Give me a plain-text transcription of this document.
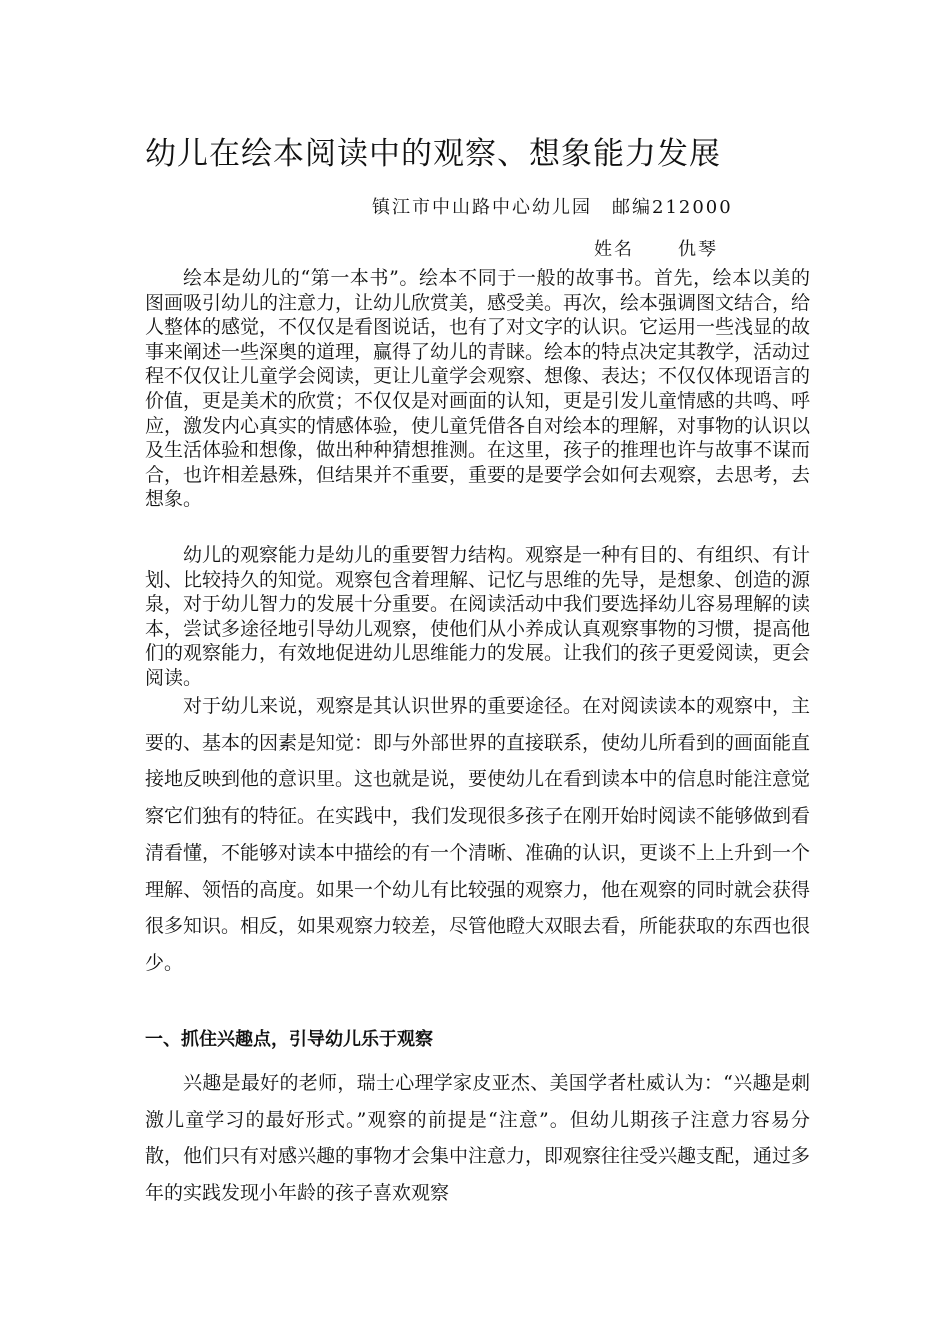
幼儿在绘本阅读中的观察、想象能力发展
镇江市中山路中心幼儿园　邮编212000
姓名 仇琴

绘本是幼儿的“第一本书”。绘本不同于一般的故事书。首先，绘本以美的图画吸引幼儿的注意力，让幼儿欣赏美，感受美。再次，绘本强调图文结合，给人整体的感觉，不仅仅是看图说话，也有了对文字的认识。它运用一些浅显的故事来阐述一些深奥的道理，赢得了幼儿的青睐。绘本的特点决定其教学，活动过程不仅仅让儿童学会阅读，更让儿童学会观察、想像、表达；不仅仅体现语言的价值，更是美术的欣赏；不仅仅是对画面的认知，更是引发儿童情感的共鸣、呼应，激发内心真实的情感体验，使儿童凭借各自对绘本的理解，对事物的认识以及生活体验和想像，做出种种猜想推测。在这里，孩子的推理也许与故事不谋而合，也许相差悬殊，但结果并不重要，重要的是要学会如何去观察，去思考，去想象。

幼儿的观察能力是幼儿的重要智力结构。观察是一种有目的、有组织、有计划、比较持久的知觉。观察包含着理解、记忆与思维的先导，是想象、创造的源泉，对于幼儿智力的发展十分重要。在阅读活动中我们要选择幼儿容易理解的读本，尝试多途径地引导幼儿观察，使他们从小养成认真观察事物的习惯，提高他们的观察能力，有效地促进幼儿思维能力的发展。让我们的孩子更爱阅读，更会阅读。

对于幼儿来说，观察是其认识世界的重要途径。在对阅读读本的观察中，主要的、基本的因素是知觉：即与外部世界的直接联系，使幼儿所看到的画面能直接地反映到他的意识里。这也就是说，要使幼儿在看到读本中的信息时能注意觉察它们独有的特征。在实践中，我们发现很多孩子在刚开始时阅读不能够做到看清看懂，不能够对读本中描绘的有一个清晰、准确的认识，更谈不上上升到一个理解、领悟的高度。如果一个幼儿有比较强的观察力，他在观察的同时就会获得很多知识。相反，如果观察力较差，尽管他瞪大双眼去看，所能获取的东西也很少。

一、抓住兴趣点，引导幼儿乐于观察

兴趣是最好的老师，瑞士心理学家皮亚杰、美国学者杜威认为：“兴趣是刺激儿童学习的最好形式。”观察的前提是“注意”。但幼儿期孩子注意力容易分散，他们只有对感兴趣的事物才会集中注意力，即观察往往受兴趣支配，通过多年的实践发现小年龄的孩子喜欢观察
